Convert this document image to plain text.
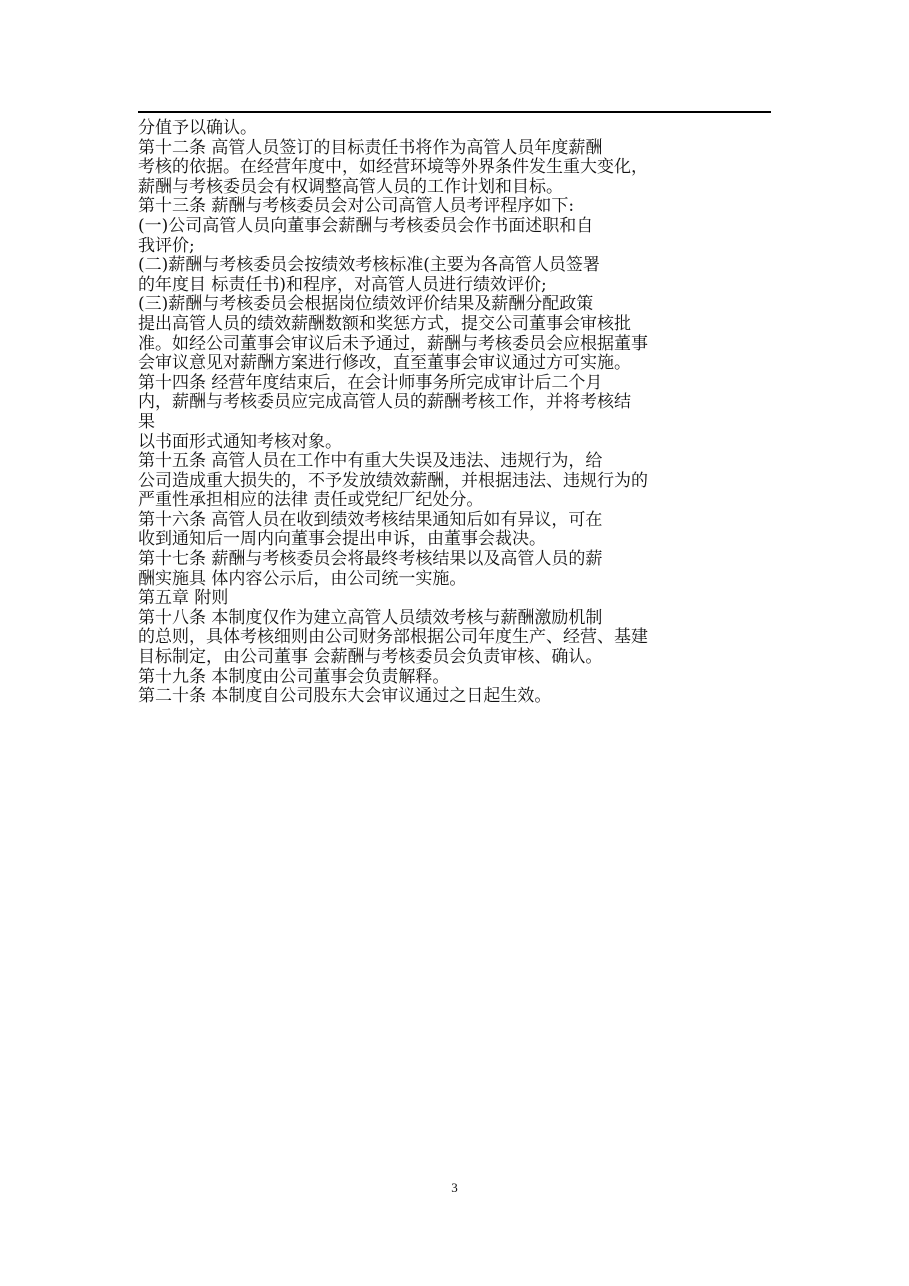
分值予以确认。
第十二条 高管人员签订的目标责任书将作为高管人员年度薪酬
考核的依据。在经营年度中，如经营环境等外界条件发生重大变化，
薪酬与考核委员会有权调整高管人员的工作计划和目标。
第十三条 薪酬与考核委员会对公司高管人员考评程序如下:
(一)公司高管人员向董事会薪酬与考核委员会作书面述职和自
我评价;
(二)薪酬与考核委员会按绩效考核标准(主要为各高管人员签署
的年度目 标责任书)和程序，对高管人员进行绩效评价;
(三)薪酬与考核委员会根据岗位绩效评价结果及薪酬分配政策
提出高管人员的绩效薪酬数额和奖惩方式，提交公司董事会审核批
准。如经公司董事会审议后未予通过，薪酬与考核委员会应根据董事
会审议意见对薪酬方案进行修改，直至董事会审议通过方可实施。
第十四条 经营年度结束后，在会计师事务所完成审计后二个月
内，薪酬与考核委员应完成高管人员的薪酬考核工作，并将考核结
果
以书面形式通知考核对象。
第十五条 高管人员在工作中有重大失误及违法、违规行为，给
公司造成重大损失的，不予发放绩效薪酬，并根据违法、违规行为的
严重性承担相应的法律 责任或党纪厂纪处分。
第十六条 高管人员在收到绩效考核结果通知后如有异议，可在
收到通知后一周内向董事会提出申诉，由董事会裁决。
第十七条 薪酬与考核委员会将最终考核结果以及高管人员的薪
酬实施具 体内容公示后，由公司统一实施。
第五章 附则
第十八条 本制度仅作为建立高管人员绩效考核与薪酬激励机制
的总则，具体考核细则由公司财务部根据公司年度生产、经营、基建
目标制定，由公司董事 会薪酬与考核委员会负责审核、确认。
第十九条 本制度由公司董事会负责解释。
第二十条 本制度自公司股东大会审议通过之日起生效。
3
